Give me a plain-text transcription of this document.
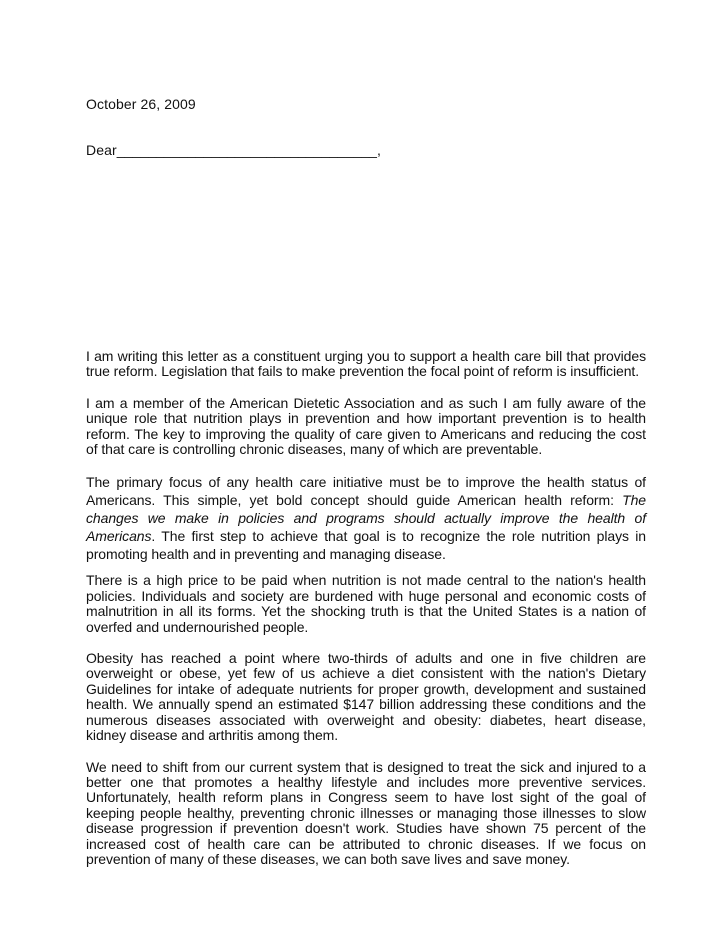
October 26, 2009
Dear_________________________________,

I am writing this letter as a constituent urging you to support a health care bill that provides true reform. Legislation that fails to make prevention the focal point of reform is insufficient.

I am a member of the American Dietetic Association and as such I am fully aware of the unique role that nutrition plays in prevention and how important prevention is to health reform. The key to improving the quality of care given to Americans and reducing the cost of that care is controlling chronic diseases, many of which are preventable.

The primary focus of any health care initiative must be to improve the health status of Americans. This simple, yet bold concept should guide American health reform: The changes we make in policies and programs should actually improve the health of Americans. The first step to achieve that goal is to recognize the role nutrition plays in promoting health and in preventing and managing disease.

There is a high price to be paid when nutrition is not made central to the nation's health policies. Individuals and society are burdened with huge personal and economic costs of malnutrition in all its forms. Yet the shocking truth is that the United States is a nation of overfed and undernourished people.

Obesity has reached a point where two-thirds of adults and one in five children are overweight or obese, yet few of us achieve a diet consistent with the nation's Dietary Guidelines for intake of adequate nutrients for proper growth, development and sustained health. We annually spend an estimated $147 billion addressing these conditions and the numerous diseases associated with overweight and obesity: diabetes, heart disease, kidney disease and arthritis among them.

We need to shift from our current system that is designed to treat the sick and injured to a better one that promotes a healthy lifestyle and includes more preventive services. Unfortunately, health reform plans in Congress seem to have lost sight of the goal of keeping people healthy, preventing chronic illnesses or managing those illnesses to slow disease progression if prevention doesn't work. Studies have shown 75 percent of the increased cost of health care can be attributed to chronic diseases. If we focus on prevention of many of these diseases, we can both save lives and save money.
